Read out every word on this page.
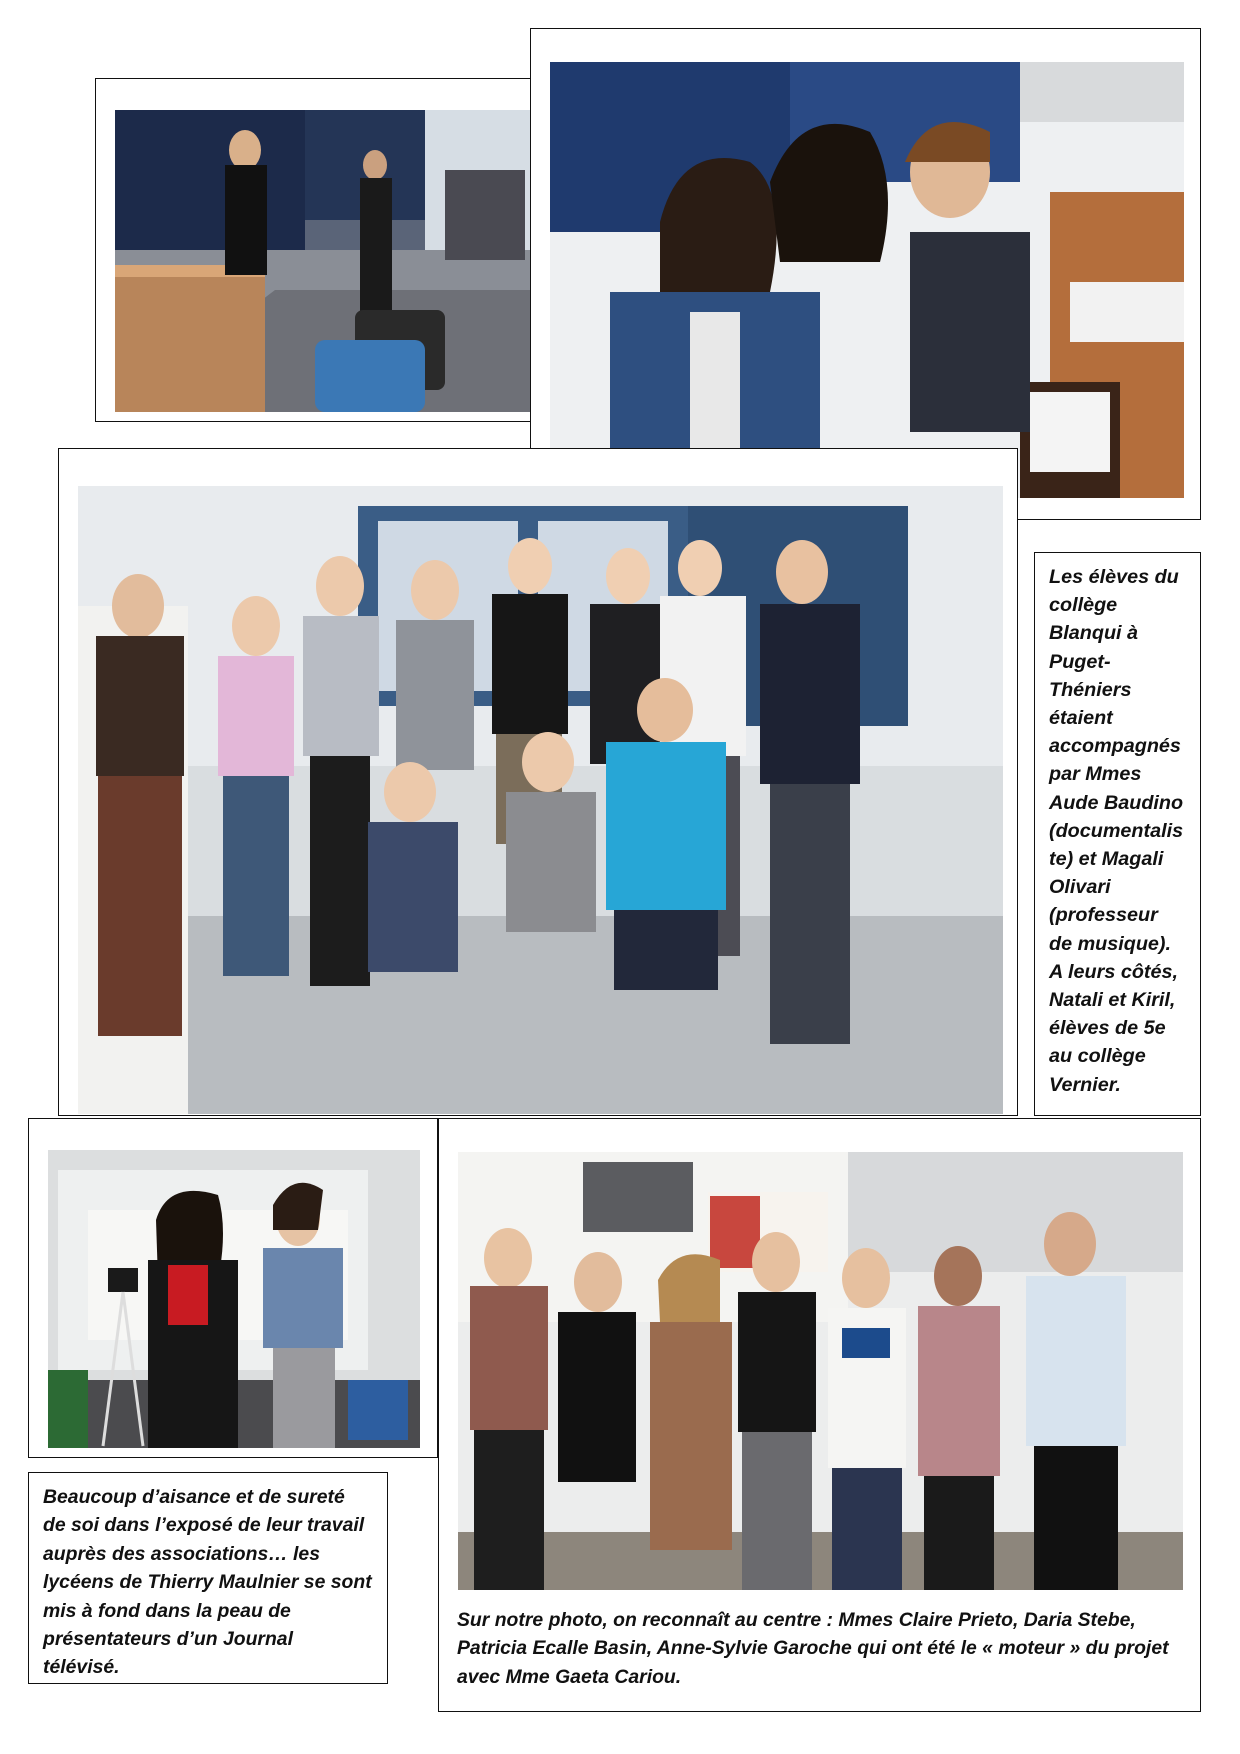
Les élèves du
collège
Blanqui à
Puget-
Théniers
étaient
accompagnés
par Mmes
Aude Baudino
(documentalis
te) et Magali
Olivari
(professeur
de musique).
A leurs côtés,
Natali et Kiril,
élèves de 5e
au collège
Vernier.

Beaucoup d’aisance et de sureté
de soi dans l’exposé de leur travail
auprès des associations… les
lycéens de Thierry Maulnier se sont
mis à fond dans la peau de
présentateurs d’un Journal
télévisé.

Sur notre photo, on reconnaît au centre : Mmes Claire Prieto, Daria Stebe,
Patricia Ecalle Basin, Anne-Sylvie Garoche qui ont été le « moteur » du projet
avec Mme Gaeta Cariou.
